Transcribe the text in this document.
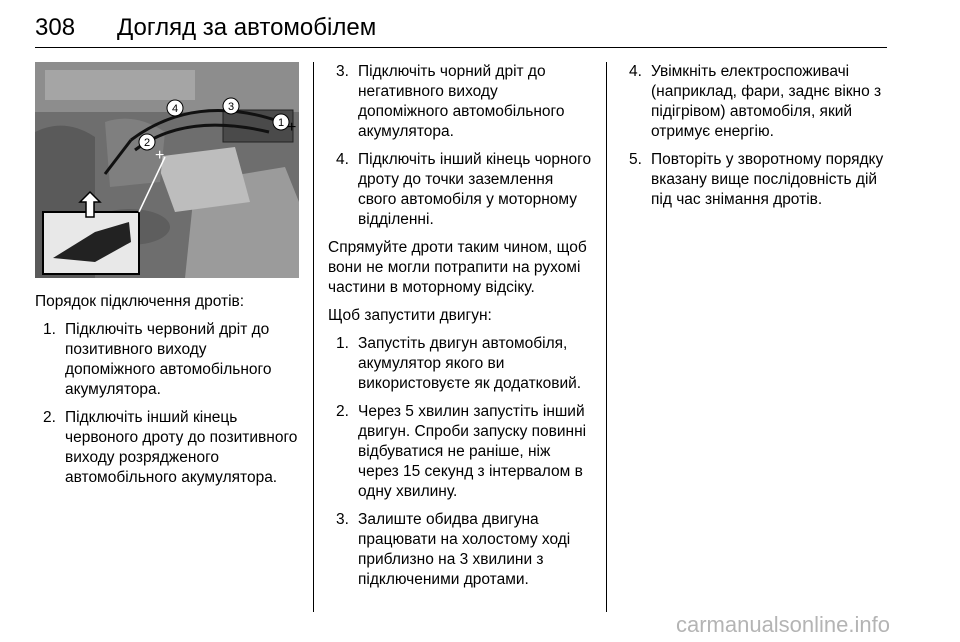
308 Догляд за автомобілем
1
2
3
4
+
+

Порядок підключення дротів:

1. Підключіть червоний дріт до позитивного виходу допоміжного автомобільного акумулятора.
2. Підключіть інший кінець червоного дроту до позитивного виходу розрядженого автомобільного акумулятора.
3. Підключіть чорний дріт до негативного виходу допоміжного автомобільного акумулятора.
4. Підключіть інший кінець чорного дроту до точки заземлення свого автомобіля у моторному відділенні.

Спрямуйте дроти таким чином, щоб вони не могли потрапити на рухомі частини в моторному відсіку.

Щоб запустити двигун:

1. Запустіть двигун автомобіля, акумулятор якого ви використовуєте як додатковий.
2. Через 5 хвилин запустіть інший двигун. Спроби запуску повинні відбуватися не раніше, ніж через 15 секунд з інтервалом в одну хвилину.
3. Залиште обидва двигуна працювати на холостому ході приблизно на 3 хвилини з підключеними дротами.
4. Увімкніть електроспоживачі (наприклад, фари, заднє вікно з підігрівом) автомобіля, який отримує енергію.
5. Повторіть у зворотному порядку вказану вище послідовність дій під час знімання дротів.
carmanualsonline.info
